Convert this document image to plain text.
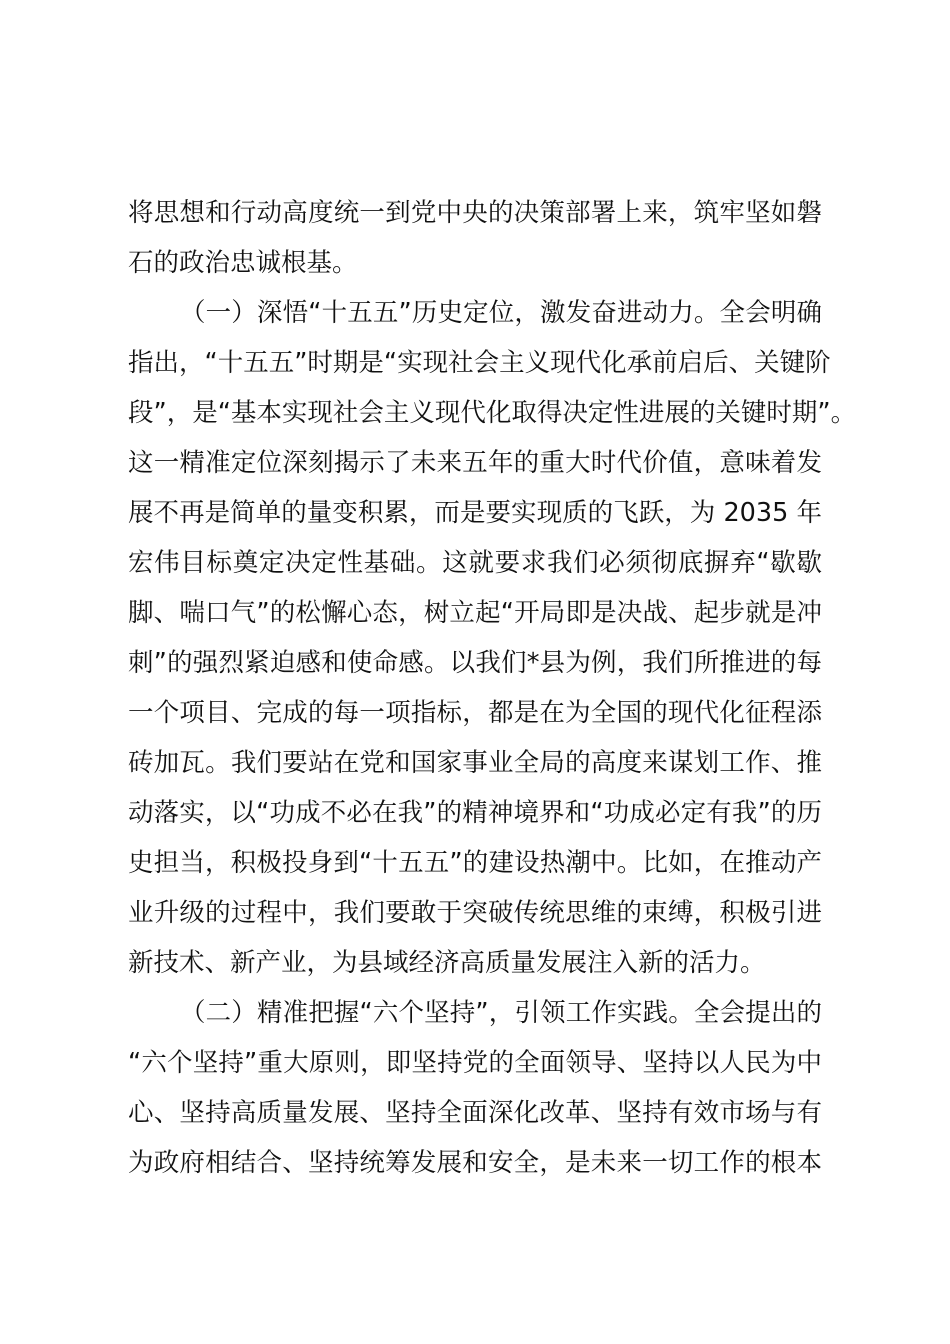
将思想和行动高度统一到党中央的决策部署上来，筑牢坚如磐
石的政治忠诚根基。
（一）深悟“十五五”历史定位，激发奋进动力。全会明确
指出，“十五五”时期是“实现社会主义现代化承前启后、关键阶
段”，是“基本实现社会主义现代化取得决定性进展的关键时期”。
这一精准定位深刻揭示了未来五年的重大时代价值，意味着发
展不再是简单的量变积累，而是要实现质的飞跃，为 2035 年
宏伟目标奠定决定性基础。这就要求我们必须彻底摒弃“歇歇
脚、喘口气”的松懈心态，树立起“开局即是决战、起步就是冲
刺”的强烈紧迫感和使命感。以我们*县为例，我们所推进的每
一个项目、完成的每一项指标，都是在为全国的现代化征程添
砖加瓦。我们要站在党和国家事业全局的高度来谋划工作、推
动落实，以“功成不必在我”的精神境界和“功成必定有我”的历
史担当，积极投身到“十五五”的建设热潮中。比如，在推动产
业升级的过程中，我们要敢于突破传统思维的束缚，积极引进
新技术、新产业，为县域经济高质量发展注入新的活力。
（二）精准把握“六个坚持”，引领工作实践。全会提出的
“六个坚持”重大原则，即坚持党的全面领导、坚持以人民为中
心、坚持高质量发展、坚持全面深化改革、坚持有效市场与有
为政府相结合、坚持统筹发展和安全，是未来一切工作的根本
